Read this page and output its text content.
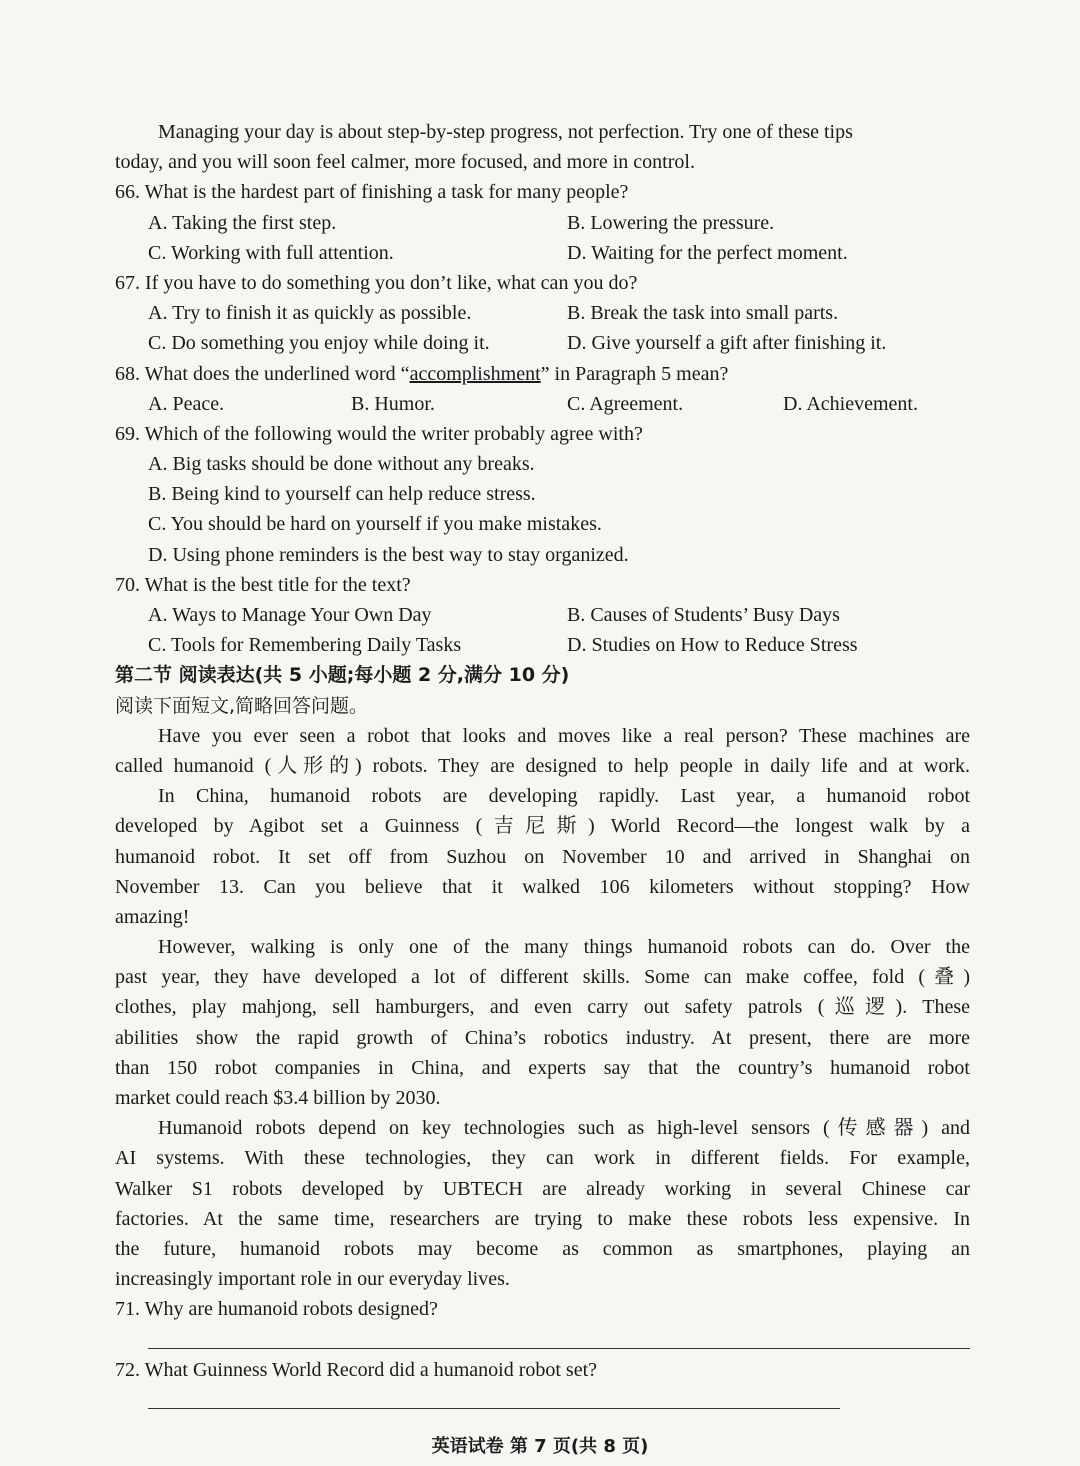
Managing your day is about step-by-step progress, not perfection. Try one of these tips
today, and you will soon feel calmer, more focused, and more in control.
66. What is the hardest part of finishing a task for many people?
A. Taking the first step.	B. Lowering the pressure.
C. Working with full attention.	D. Waiting for the perfect moment.
67. If you have to do something you don’t like, what can you do?
A. Try to finish it as quickly as possible.	B. Break the task into small parts.
C. Do something you enjoy while doing it.	D. Give yourself a gift after finishing it.
68. What does the underlined word “accomplishment” in Paragraph 5 mean?
A. Peace.	B. Humor.	C. Agreement.	D. Achievement.
69. Which of the following would the writer probably agree with?
A. Big tasks should be done without any breaks.
B. Being kind to yourself can help reduce stress.
C. You should be hard on yourself if you make mistakes.
D. Using phone reminders is the best way to stay organized.
70. What is the best title for the text?
A. Ways to Manage Your Own Day	B. Causes of Students’ Busy Days
C. Tools for Remembering Daily Tasks	D. Studies on How to Reduce Stress
第二节 阅读表达(共 5 小题;每小题 2 分,满分 10 分)
阅读下面短文,简略回答问题。
Have you ever seen a robot that looks and moves like a real person? These machines are
called humanoid (人形的) robots. They are designed to help people in daily life and at work.
In China, humanoid robots are developing rapidly. Last year, a humanoid robot
developed by Agibot set a Guinness (吉尼斯) World Record—the longest walk by a
humanoid robot. It set off from Suzhou on November 10 and arrived in Shanghai on
November 13. Can you believe that it walked 106 kilometers without stopping? How
amazing!
However, walking is only one of the many things humanoid robots can do. Over the
past year, they have developed a lot of different skills. Some can make coffee, fold (叠)
clothes, play mahjong, sell hamburgers, and even carry out safety patrols (巡逻). These
abilities show the rapid growth of China’s robotics industry. At present, there are more
than 150 robot companies in China, and experts say that the country’s humanoid robot
market could reach $3.4 billion by 2030.
Humanoid robots depend on key technologies such as high-level sensors (传感器) and
AI systems. With these technologies, they can work in different fields. For example,
Walker S1 robots developed by UBTECH are already working in several Chinese car
factories. At the same time, researchers are trying to make these robots less expensive. In
the future, humanoid robots may become as common as smartphones, playing an
increasingly important role in our everyday lives.
71. Why are humanoid robots designed?
72. What Guinness World Record did a humanoid robot set?
英语试卷 第 7 页(共 8 页)
